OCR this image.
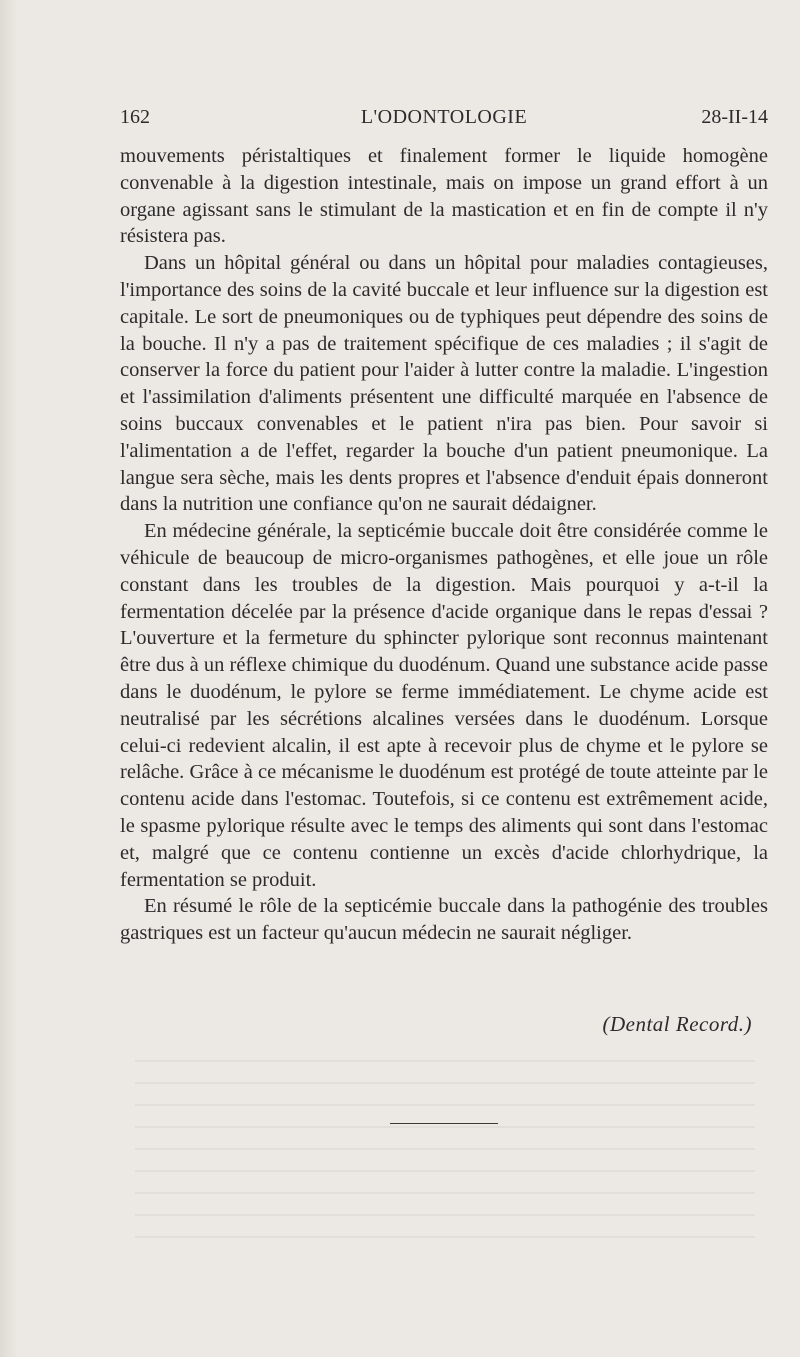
162	L'ODONTOLOGIE	28-II-14

mouvements péristaltiques et finalement former le liquide homogène convenable à la digestion intestinale, mais on impose un grand effort à un organe agissant sans le stimulant de la mastication et en fin de compte il n'y résistera pas.

Dans un hôpital général ou dans un hôpital pour maladies contagieuses, l'importance des soins de la cavité buccale et leur influence sur la digestion est capitale. Le sort de pneumoniques ou de typhiques peut dépendre des soins de la bouche. Il n'y a pas de traitement spécifique de ces maladies ; il s'agit de conserver la force du patient pour l'aider à lutter contre la maladie. L'ingestion et l'assimilation d'aliments présentent une difficulté marquée en l'absence de soins buccaux convenables et le patient n'ira pas bien. Pour savoir si l'alimentation a de l'effet, regarder la bouche d'un patient pneumonique. La langue sera sèche, mais les dents propres et l'absence d'enduit épais donneront dans la nutrition une confiance qu'on ne saurait dédaigner.

En médecine générale, la septicémie buccale doit être considérée comme le véhicule de beaucoup de micro-organismes pathogènes, et elle joue un rôle constant dans les troubles de la digestion. Mais pourquoi y a-t-il la fermentation décelée par la présence d'acide organique dans le repas d'essai ? L'ouverture et la fermeture du sphincter pylorique sont reconnus maintenant être dus à un réflexe chimique du duodénum. Quand une substance acide passe dans le duodénum, le pylore se ferme immédiatement. Le chyme acide est neutralisé par les sécrétions alcalines versées dans le duodénum. Lorsque celui-ci redevient alcalin, il est apte à recevoir plus de chyme et le pylore se relâche. Grâce à ce mécanisme le duodénum est protégé de toute atteinte par le contenu acide dans l'estomac. Toutefois, si ce contenu est extrêmement acide, le spasme pylorique résulte avec le temps des aliments qui sont dans l'estomac et, malgré que ce contenu contienne un excès d'acide chlorhydrique, la fermentation se produit.

En résumé le rôle de la septicémie buccale dans la pathogénie des troubles gastriques est un facteur qu'aucun médecin ne saurait négliger.

(Dental Record.)
